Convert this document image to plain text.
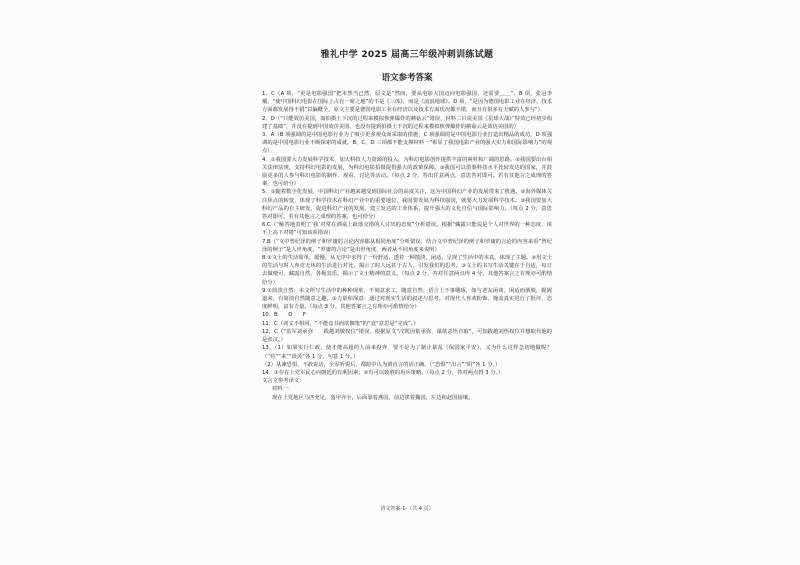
雅礼中学 2025 届高三年级冲刺训练试题
语文参考答案

1．C（A 项，“更是电影强国”把未然当已然，原文是“然而，要从电影大国迈向电影强国，还需要＿＿”。B 项，张冠李戴，“使中国科幻电影在国际上占有一席之地”的不是《三体》，而是《流浪地球》。D 项，“是因为德国电影工业在经济、技术方面都发展得不错”以偏概全，原文主要是德国电影工业在经济以及技术方面状况都不错，而且有很多有天赋的人参与”）

2．D（“只能效仿美国，如拍摄土下沉的过程来模拟恢弹爆炸的蘑菇云”错误，材料二只说美国《星球大战》”特效已经初步构建了基础”，并没有提到中国效仿美国，也没有提到拍摄土下沉的过程来模拟核弹爆炸的蘑菇云是效仿美国的）

3．A（B 项强调的是中国电影行业为了吸引更多观众而采取的措施，C 项强调的是中国电影行业打造出精品的成功，D 项强调的是中国电影行业不断探索的成就。B、C、D 三项都不能支撑材料一“彰显了我国电影产业的强大实力和国际影响力”的观点）

4．①我国要大力发展科学技术，加大科技人力资源的投入，为科幻电影创作提供丰富的素材和广阔的思路。②我国要出台相关法律法规，支持科幻电影的发展，为科幻电影拍摄提供强大的政策保障。③我国可以借鉴科技水平比较发达的国家，并鼓励更多的人参与科幻电影的制作、观看、讨论等活动。（每点 2 分，答出任意两点，意思答对即可。若有其他言之成理的答案，也可给分）

5．①随着数字化发展，中国科幻产业越来越受到国际社会的高度关注，这为中国科幻产业的发展带来了机遇。②海外媒体关注焦点的转变，体现了科学技术在科幻产业中的重要地位，我国要发展为科技强国，就要大力发展科学技术。③我国要加大科幻产品的自主研发，促进科幻产业的发展，建立发达的工业体系，提升强大的文化自信与国际影响力。（每点 2 分，意思答对即可，若有其他言之成理的答案，也可给分）

6.C（“解答地表明了‘我’对常在酒桌上趾落交错的人讨厌的态度”分析错误。根据“藏露只能说是个人对世界的一种态度，谈不上高下对错”可知该项错误）

7.B（“文中曾纪泽的例子和罗庸的言论内容都从相同角度”分析错误，结合文中曾纪泽的例子和罗庸的言论的内容来看“曾纪泽的例子”是人世角度，“罗庸的言论”是出世角度，两者从不同角度来说明）

8.①文士的生活简单，缓慢，从无序中求得了一份舒适，透着一种散淡，闲适，呈现了生活中的本真，体现了主题。②用文士的生活与时人奔竞无休的生活进行对比，揭示了时人远甚于古人，引发我们的思考。③文士的书写生活关键在于自适，每日去做便可，藏露自然，各极其乐，揭示了文士精神的意义。（每点 2 分，答对任意两点得 4 分，其他答案言之有理亦可酌情给分）

9.①简淡自然：本文所写生活中的种种现象，不刻意求工，随意自然；语言上不事雕琢，如与老友闲谈，闲适而洒脱，娓娓道来，有简淡自然随意之趣。②力量和深意：通过对现实生活的叙述与思考，对现代人喜欢粉饰、掩盖真实进行了批评，态度鲜明，富有力量。（每点 3 分，其他答案言之有理亦可酌情给分）

10．B　　D　　F

11．C（词义不相同，“不能竟书而欲搁笔”的“竟”意思是“完成”。）

12．C（“监军刘承弥　　践越刘敏权位”错误，根据原文“汶既因依承弥，谋欲杀悟自取”，可知践越刘悟权位并想取代他的是张汶。）

13．（1）如果实行仁政，使才能高超的人前来投奔，要不是为了制止暴乱（保国家平安），又为什么这样急切地做呢？（“苟”“来”“汲汲”各 1 分，句意 1 分。）

（2）从谏恐惧，不敢说话，全军听说后，都暗中认为贾直言的话正确。（“恐惧”“出言”“阴”各 1 分。）

14．①存在上党军民心向朝廷的有利因素；②有可以致胜的用兵策略。（每点 2 分，答对两点得 3 分。）

文言文参考译文：

材料一：

现在上党地区马匹充足，盔甲齐全，后面靠着燕国，前边挨着魏国，左边和赵国接壤。

语文答案-1-（共 4 页）
